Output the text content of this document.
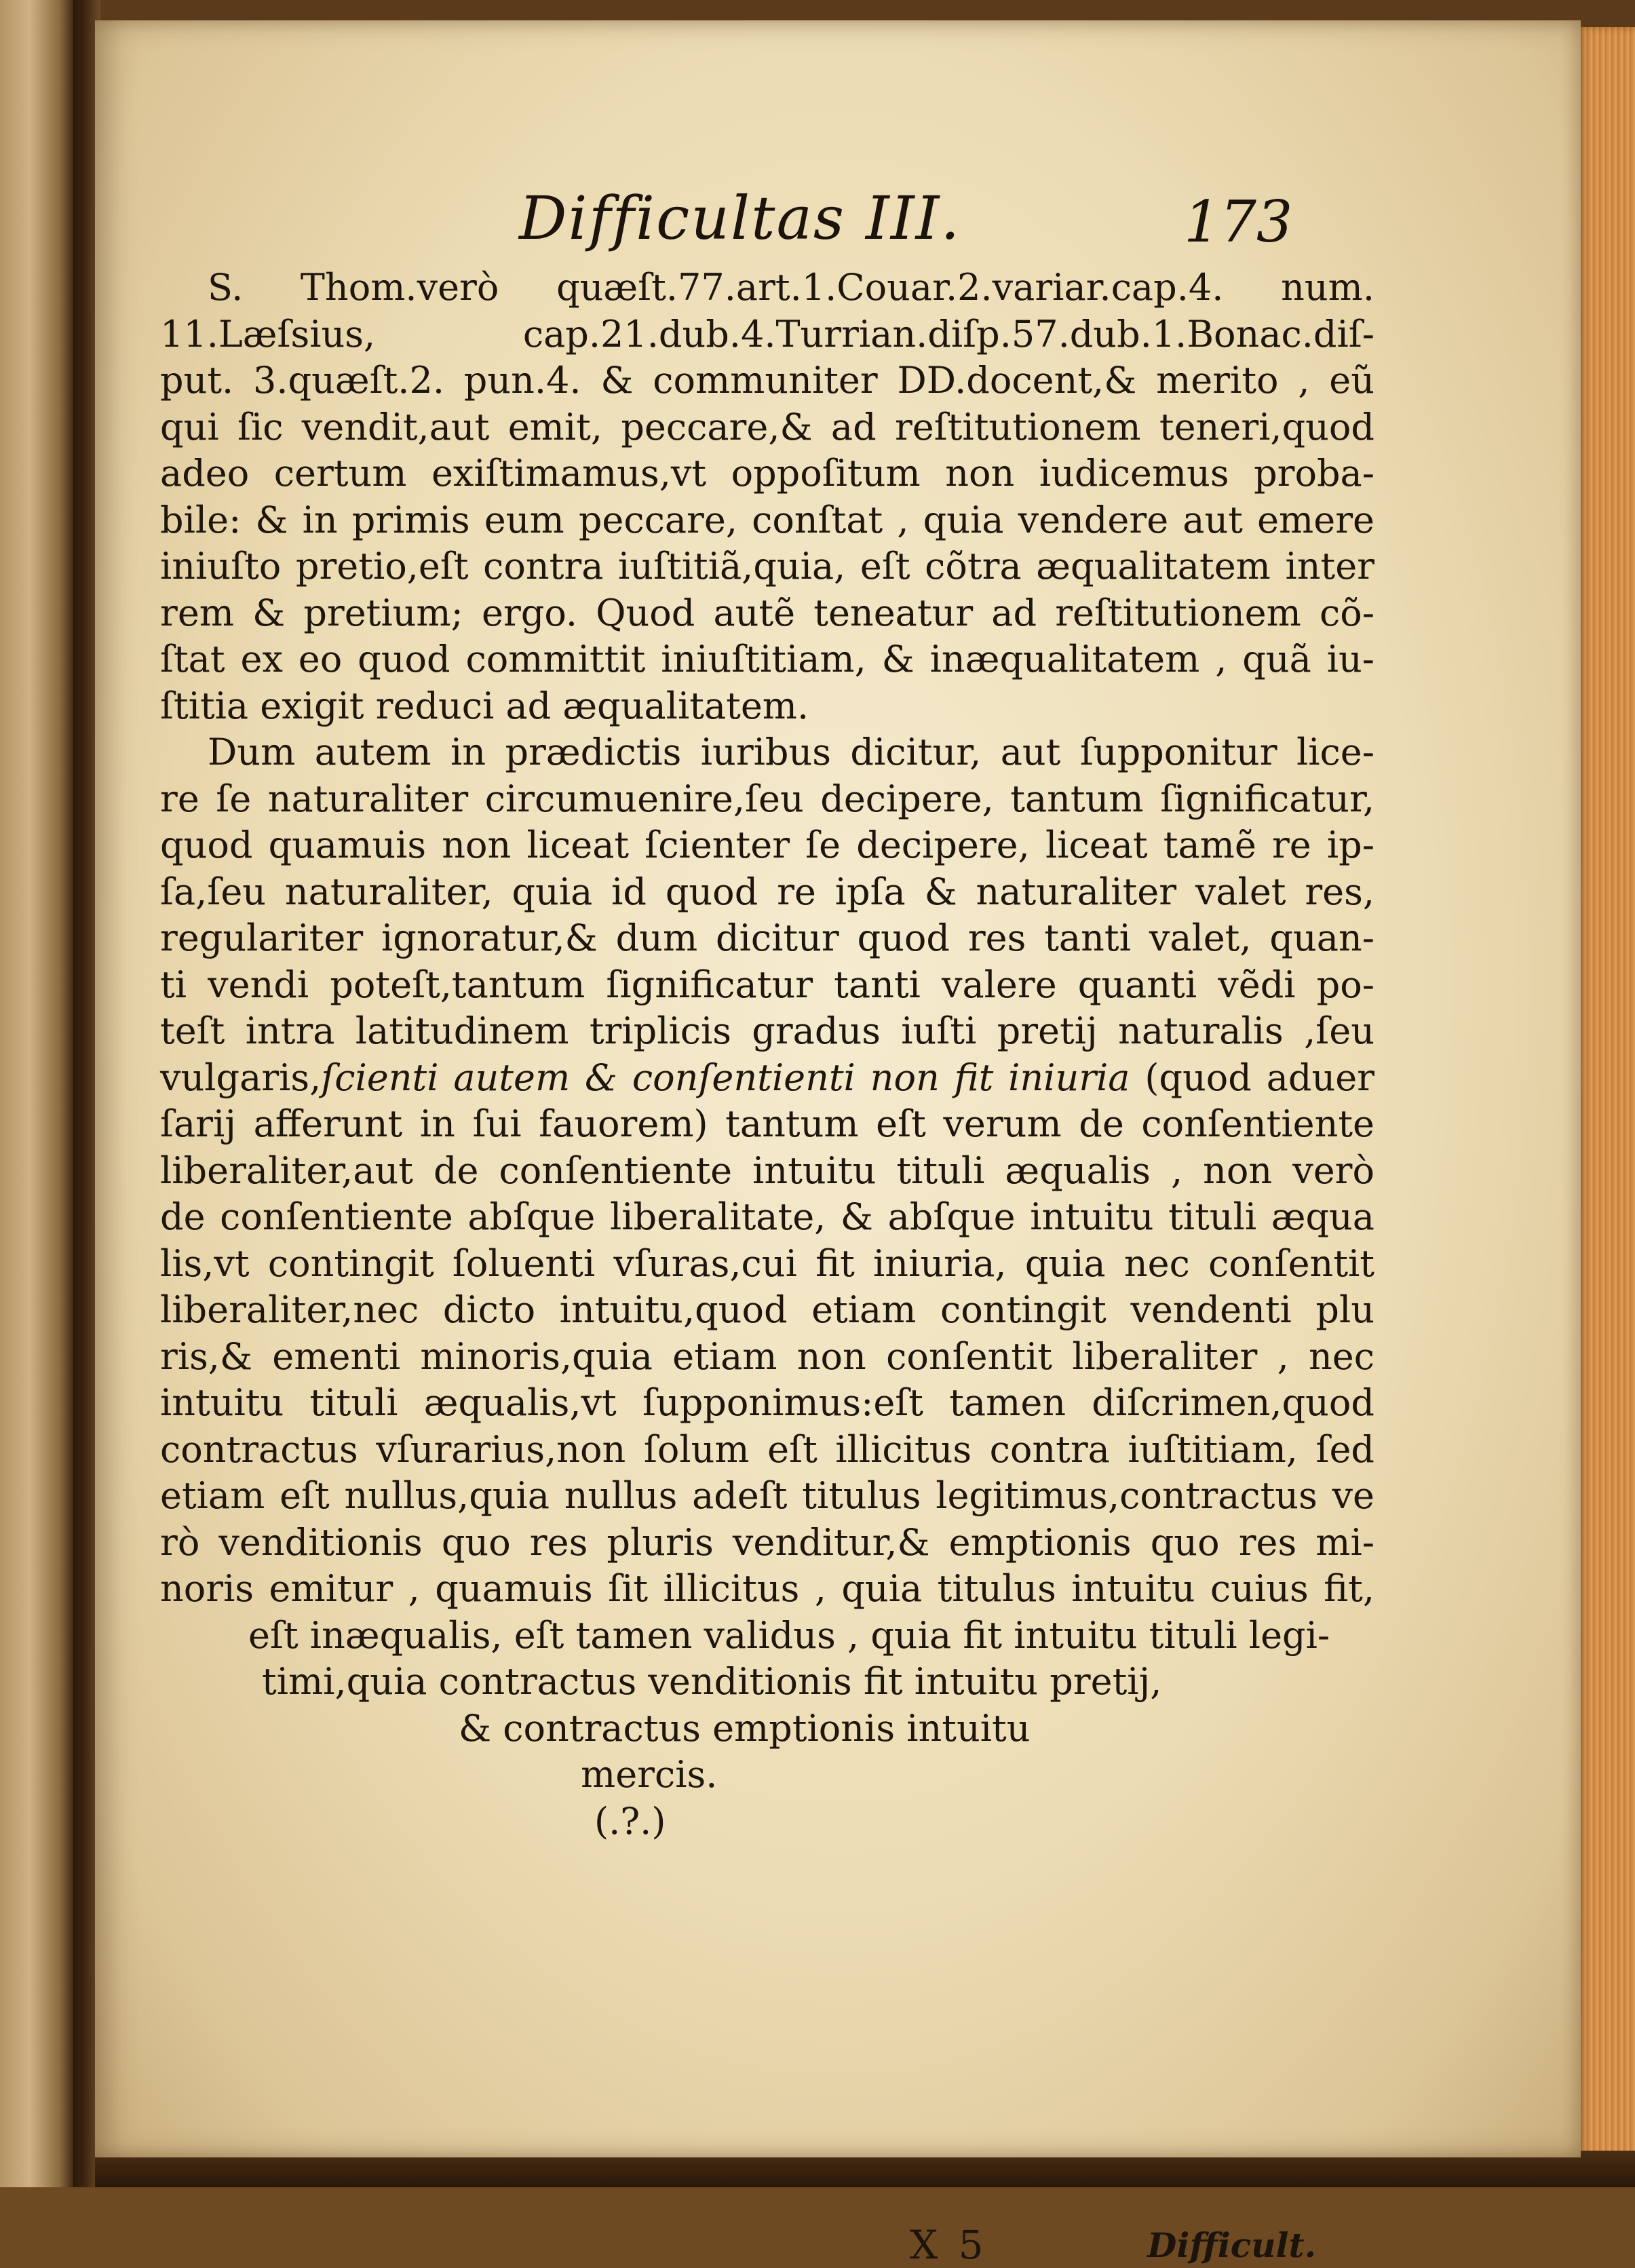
Difficultas III.	173
S. Thom.verò quæſt.77.art.1.Couar.2.variar.cap.4. num.
11.Læſsius, cap.21.dub.4.Turrian.diſp.57.dub.1.Bonac.diſ-
put. 3.quæſt.2. pun.4. & communiter DD.docent,& merito , eũ
qui ſic vendit,aut emit, peccare,& ad reſtitutionem teneri,quod
adeo certum exiſtimamus,vt oppoſitum non iudicemus proba-
bile: & in primis eum peccare, conſtat , quia vendere aut emere
iniuſto pretio,eſt contra iuſtitiã,quia, eſt cõtra æqualitatem inter
rem & pretium; ergo. Quod autẽ teneatur ad reſtitutionem cõ-
ſtat ex eo quod committit iniuſtitiam, & inæqualitatem , quã iu-
ſtitia exigit reduci ad æqualitatem.
Dum autem in prædictis iuribus dicitur, aut ſupponitur lice-
re ſe naturaliter circumuenire,ſeu decipere, tantum ſignificatur,
quod quamuis non liceat ſcienter ſe decipere, liceat tamẽ re ip-
ſa,ſeu naturaliter, quia id quod re ipſa & naturaliter valet res,
regulariter ignoratur,& dum dicitur quod res tanti valet, quan-
ti vendi poteſt,tantum ſignificatur tanti valere quanti vẽdi po-
teſt intra latitudinem triplicis gradus iuſti pretij naturalis ,ſeu
vulgaris,ſcienti autem & conſentienti non fit iniuria (quod aduer
ſarij afferunt in ſui fauorem) tantum eſt verum de conſentiente
liberaliter,aut de conſentiente intuitu tituli æqualis , non verò
de conſentiente abſque liberalitate, & abſque intuitu tituli æqua
lis,vt contingit ſoluenti vſuras,cui fit iniuria, quia nec conſentit
liberaliter,nec dicto intuitu,quod etiam contingit vendenti plu
ris,& ementi minoris,quia etiam non conſentit liberaliter , nec
intuitu tituli æqualis,vt ſupponimus:eſt tamen diſcrimen,quod
contractus vſurarius,non ſolum eſt illicitus contra iuſtitiam, ſed
etiam eſt nullus,quia nullus adeſt titulus legitimus,contractus ve
rò venditionis quo res pluris venditur,& emptionis quo res mi-
noris emitur , quamuis ſit illicitus , quia titulus intuitu cuius fit,
eſt inæqualis, eſt tamen validus , quia fit intuitu tituli legi-
timi,quia contractus venditionis fit intuitu pretij,
& contractus emptionis intuitu
mercis.
(.?.)
X 5	Difficult.
